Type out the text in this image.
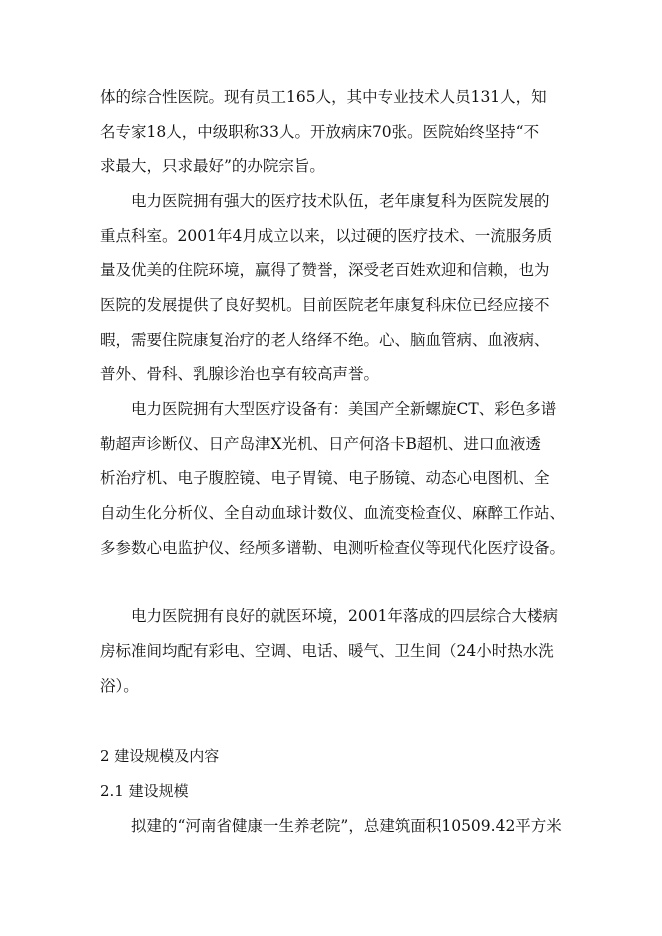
体的综合性医院。现有员工165人，其中专业技术人员131人，知
名专家18人，中级职称33人。开放病床70张。医院始终坚持“不
求最大，只求最好”的办院宗旨。
电力医院拥有强大的医疗技术队伍，老年康复科为医院发展的
重点科室。2001年4月成立以来，以过硬的医疗技术、一流服务质
量及优美的住院环境，赢得了赞誉，深受老百姓欢迎和信赖，也为
医院的发展提供了良好契机。目前医院老年康复科床位已经应接不
暇，需要住院康复治疗的老人络绎不绝。心、脑血管病、血液病、
普外、骨科、乳腺诊治也享有较高声誉。
电力医院拥有大型医疗设备有：美国产全新螺旋CT、彩色多谱
勒超声诊断仪、日产岛津X光机、日产何洛卡B超机、进口血液透
析治疗机、电子腹腔镜、电子胃镜、电子肠镜、动态心电图机、全
自动生化分析仪、全自动血球计数仪、血流变检查仪、麻醉工作站、
多参数心电监护仪、经颅多谱勒、电测听检查仪等现代化医疗设备。
电力医院拥有良好的就医环境，2001年落成的四层综合大楼病
房标准间均配有彩电、空调、电话、暖气、卫生间（24小时热水洗
浴）。
2 建设规模及内容
2.1 建设规模
拟建的“河南省健康一生养老院”，总建筑面积10509.42平方米
